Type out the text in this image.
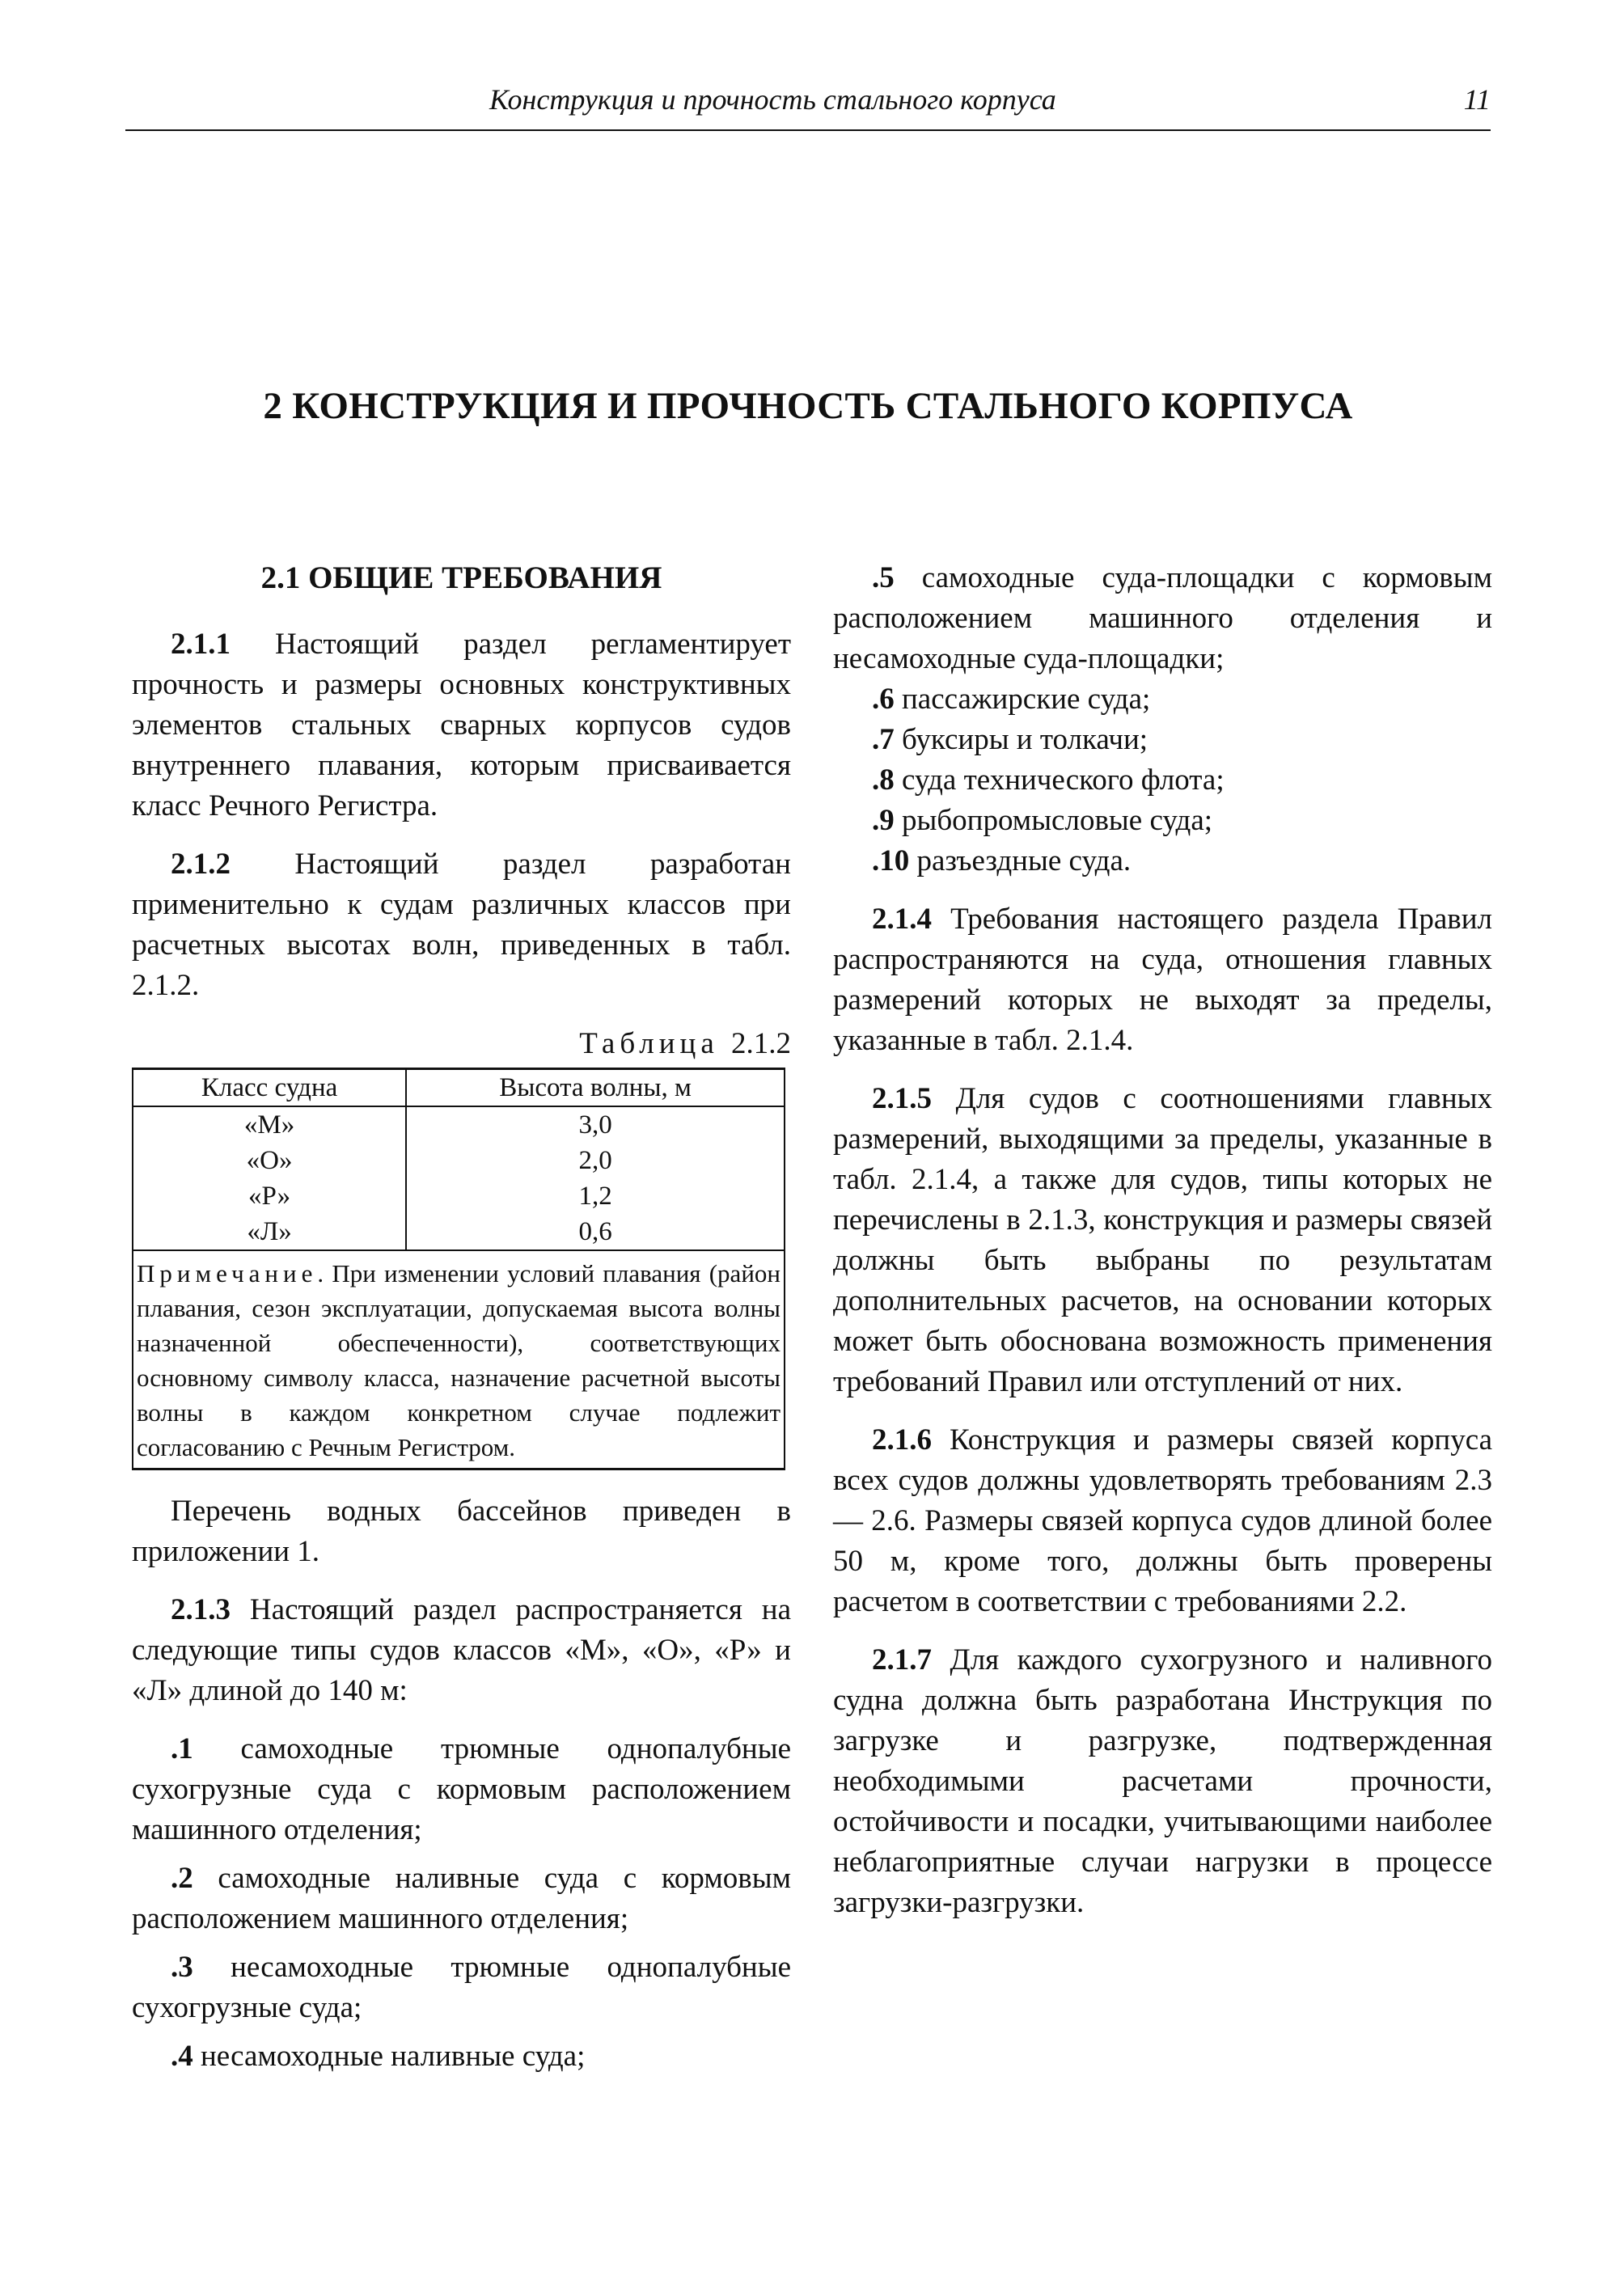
Конструкция и прочность стального корпуса	11
2 КОНСТРУКЦИЯ И ПРОЧНОСТЬ СТАЛЬНОГО КОРПУСА
2.1 ОБЩИЕ ТРЕБОВАНИЯ

2.1.1 Настоящий раздел регламентирует прочность и размеры основных конструктивных элементов стальных сварных корпусов судов внутреннего плавания, которым присваивается класс Речного Регистра.

2.1.2 Настоящий раздел разработан применительно к судам различных классов при расчетных высотах волн, приведенных в табл. 2.1.2.

Таблица 2.1.2
Класс судна	Высота волны, м
«М»	3,0
«О»	2,0
«Р»	1,2
«Л»	0,6
Примечание. При изменении условий плавания (район плавания, сезон эксплуатации, допускаемая высота волны назначенной обеспеченности), соответствующих основному символу класса, назначение расчетной высоты волны в каждом конкретном случае подлежит согласованию с Речным Регистром.	

Перечень водных бассейнов приведен в приложении 1.

2.1.3 Настоящий раздел распространяется на следующие типы судов классов «М», «О», «Р» и «Л» длиной до 140 м:

.1 самоходные трюмные однопалубные сухогрузные суда с кормовым расположением машинного отделения;

.2 самоходные наливные суда с кормовым расположением машинного отделения;

.3 несамоходные трюмные однопалубные сухогрузные суда;

.4 несамоходные наливные суда;

.5 самоходные суда-площадки с кормовым расположением машинного отделения и несамоходные суда-площадки;

.6 пассажирские суда;

.7 буксиры и толкачи;

.8 суда технического флота;

.9 рыбопромысловые суда;

.10 разъездные суда.

2.1.4 Требования настоящего раздела Правил распространяются на суда, отношения главных размерений которых не выходят за пределы, указанные в табл. 2.1.4.

2.1.5 Для судов с соотношениями главных размерений, выходящими за пределы, указанные в табл. 2.1.4, а также для судов, типы которых не перечислены в 2.1.3, конструкция и размеры связей должны быть выбраны по результатам дополнительных расчетов, на основании которых может быть обоснована возможность применения требований Правил или отступлений от них.

2.1.6 Конструкция и размеры связей корпуса всех судов должны удовлетворять требованиям 2.3 — 2.6. Размеры связей корпуса судов длиной более 50 м, кроме того, должны быть проверены расчетом в соответствии с требованиями 2.2.

2.1.7 Для каждого сухогрузного и наливного судна должна быть разработана Инструкция по загрузке и разгрузке, подтвержденная необходимыми расчетами прочности, остойчивости и посадки, учитывающими наиболее неблагоприятные случаи нагрузки в процессе загрузки-разгрузки.
